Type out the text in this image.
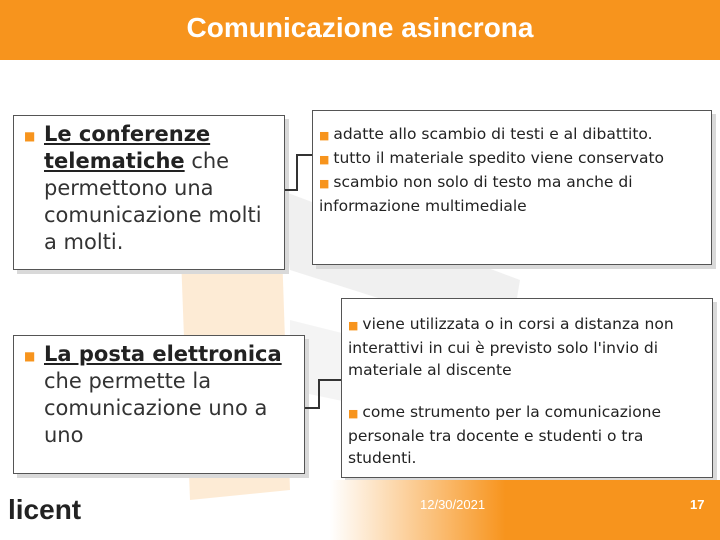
Comunicazione asincrona
■ Le conferenze telematiche che permettono una comunicazione molti a molti.
■ La posta elettronica che permette la comunicazione uno a uno

■ adatte allo scambio di testi e al dibattito.

■ tutto il materiale spedito viene conservato

■ scambio non solo di testo ma anche di informazione multimediale

■ viene utilizzata o in corsi a distanza non interattivi in cui è previsto solo l'invio di materiale al discente

■ come strumento per la comunicazione personale tra docente e studenti o tra studenti.

licent	12/30/2021	17
